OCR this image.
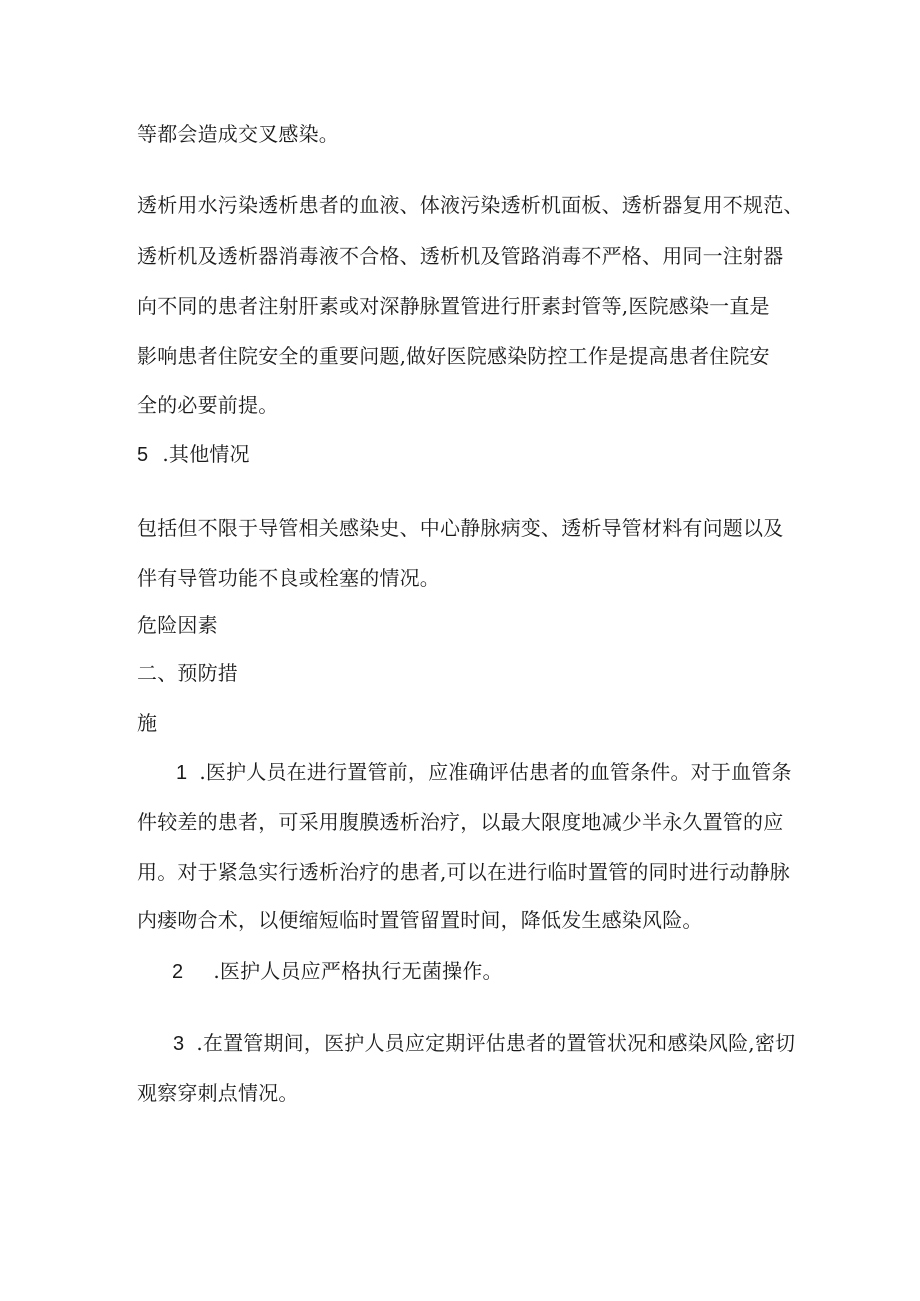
等都会造成交叉感染。
透析用水污染透析患者的血液、体液污染透析机面板、透析器复用不规范、
透析机及透析器消毒液不合格、透析机及管路消毒不严格、用同一注射器
向不同的患者注射肝素或对深静脉置管进行肝素封管等,医院感染一直是
影响患者住院安全的重要问题,做好医院感染防控工作是提高患者住院安
全的必要前提。
5 .其他情况
包括但不限于导管相关感染史、中心静脉病变、透析导管材料有问题以及
伴有导管功能不良或栓塞的情况。
危险因素
二、预防措
施
1 .医护人员在进行置管前，应准确评估患者的血管条件。对于血管条
件较差的患者，可采用腹膜透析治疗，以最大限度地减少半永久置管的应
用。对于紧急实行透析治疗的患者,可以在进行临时置管的同时进行动静脉
内瘘吻合术，以便缩短临时置管留置时间，降低发生感染风险。
2 .医护人员应严格执行无菌操作。
3 .在置管期间，医护人员应定期评估患者的置管状况和感染风险,密切
观察穿刺点情况。
